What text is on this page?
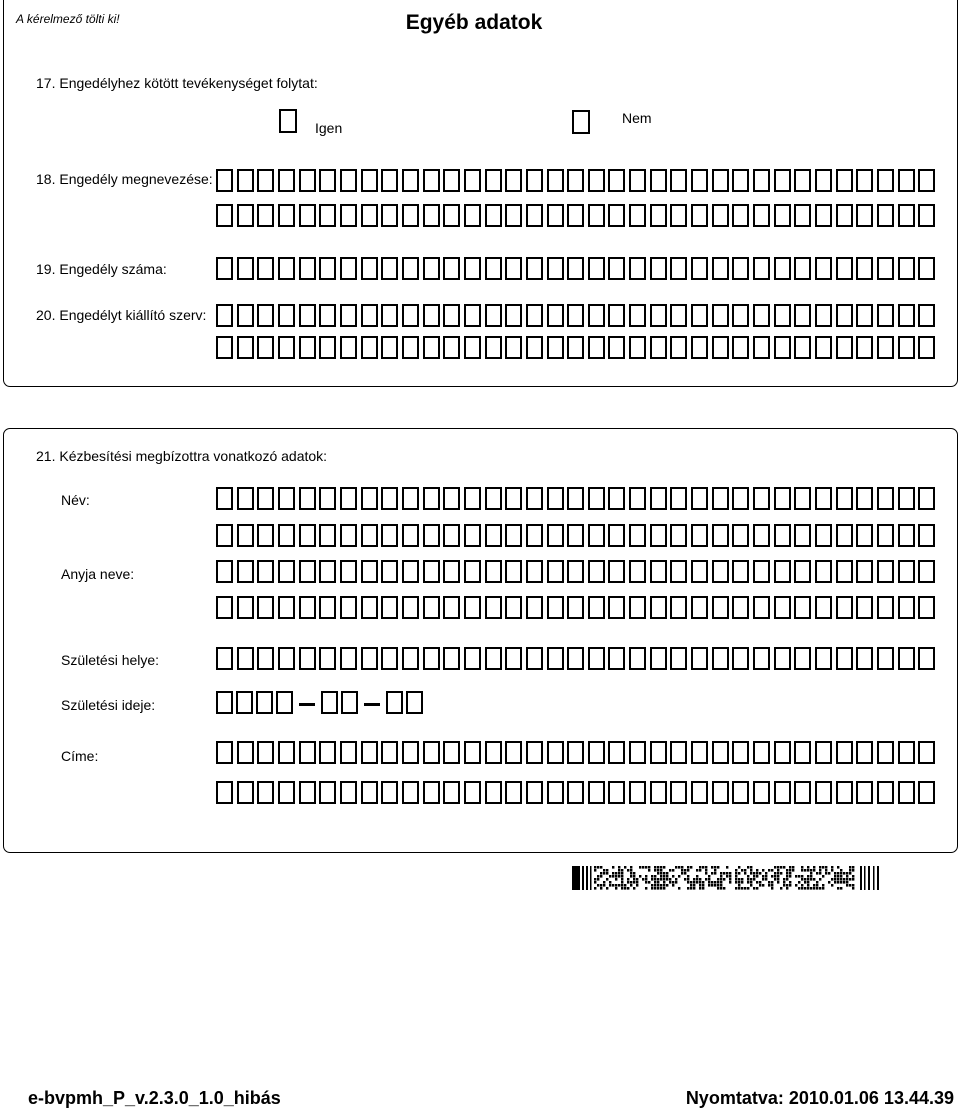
A kérelmező tölti ki!	Egyéb adatok
17. Engedélyhez kötött tevékenységet folytat:
Igen
Nem
18. Engedély megnevezése:
19. Engedély száma:
20. Engedélyt kiállító szerv:
21. Kézbesítési megbízottra vonatkozó adatok:
Név:
Anyja neve:
Születési helye:
Születési ideje:
Címe:
e-bvpmh_P_v.2.3.0_1.0_hibás	Nyomtatva: 2010.01.06 13.44.39
